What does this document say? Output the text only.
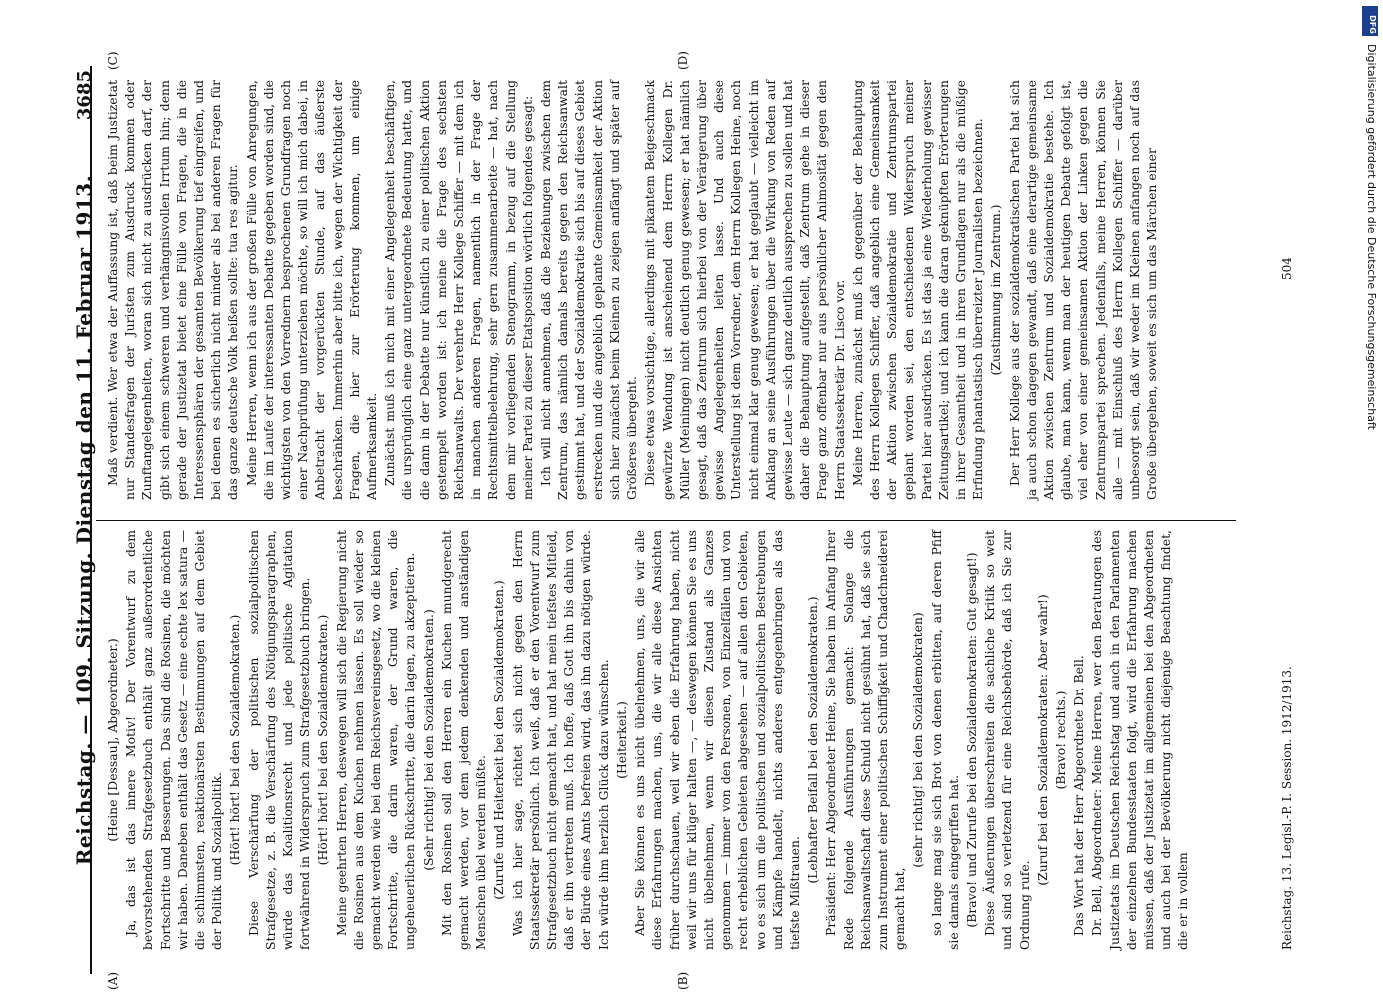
Reichstag. — 109. Sitzung. Dienstag den 11. Februar 1913.
3685
(A)	(B)
(C)	(D)

(Heine [Dessau], Abgeordneter.) Ja, das ist das innere Motiv! Der Vorentwurf zu dem bevorstehenden Strafgesetzbuch enthält ganz außerordentliche Fortschritte und Besserungen. Das sind die Rosinen, die möchten wir haben. Daneben enthält das Gesetz — eine echte lex satura — die schlimmsten, reaktionärsten Bestimmungen auf dem Gebiet der Politik und Sozialpolitik. (Hört! hört! bei den Sozialdemokraten.) Diese Verschärfung der politischen sozialpolitischen Strafgesetze, z. B. die Verschärfung des Nötigungsparagraphen, würde das Koalitionsrecht und jede politische Agitation fortwährend in Widerspruch zum Strafgesetzbuch bringen. (Hört! hört! bei den Sozialdemokraten.) Meine geehrten Herren, deswegen will sich die Regierung nicht die Rosinen aus dem Kuchen nehmen lassen. Es soll wieder so gemacht werden wie bei dem Reichsvereinsgesetz, wo die kleinen Fortschritte, die darin waren, der Grund waren, die ungeheuerlichen Rückschritte, die darin lagen, zu akzeptieren. (Sehr richtig! bei den Sozialdemokraten.) Mit den Rosinen soll den Herren ein Kuchen mundgerecht gemacht werden, vor dem jedem denkenden und anständigen Menschen übel werden müßte. (Zurufe und Heiterkeit bei den Sozialdemokraten.) Was ich hier sage, richtet sich nicht gegen den Herrn Staatssekretär persönlich. Ich weiß, daß er den Vorentwurf zum Strafgesetzbuch nicht gemacht hat, und hat mein tiefstes Mitleid, daß er ihn vertreten muß. Ich hoffe, daß Gott ihn bis dahin von der Bürde eines Amts befreien wird, das ihn dazu nötigen würde. Ich würde ihm herzlich Glück dazu wünschen. (Heiterkeit.) Aber Sie können es uns nicht übelnehmen, uns, die wir alle diese Erfahrungen machen, uns, die wir alle diese Ansichten früher durchschauen, weil wir eben die Erfahrung haben, nicht weil wir uns für klüger halten —, — deswegen können Sie es uns nicht übelnehmen, wenn wir diesen Zustand als Ganzes genommen — immer von den Personen, von Einzelfällen und von recht erheblichen Gebieten abgesehen — auf allen den Gebieten, wo es sich um die politischen und sozialpolitischen Bestrebungen und Kämpfe handelt, nichts anderes entgegenbringen als das tiefste Mißtrauen.

(Lebhafter Beifall bei den Sozialdemokraten.) Präsident: Herr Abgeordneter Heine, Sie haben im Anfang Ihrer Rede folgende Ausführungen gemacht: Solange die Reichsanwaltschaft diese Schuld nicht gesühnt hat, daß sie sich zum Instrument einer politischen Schiffigkeit und Chadchneiderei gemacht hat,

(sehr richtig! bei den Sozialdemokraten) so lange mag sie sich Brot von denen erbitten, auf deren Pfiff sie damals eingegriffen hat. (Bravo! und Zurufe bei den Sozialdemokraten: Gut gesagt!) Diese Äußerungen überschreiten die sachliche Kritik so weit und sind so verletzend für eine Reichsbehörde, daß ich Sie zur Ordnung rufe.

(Zuruf bei den Sozialdemokraten: Aber wahr!) (Bravo! rechts.) Das Wort hat der Herr Abgeordnete Dr. Bell. Dr. Bell, Abgeordneter: Meine Herren, wer den Beratungen des Justizetats im Deutschen Reichstag und auch in den Parlamenten der einzelnen Bundesstaaten folgt, wird die Erfahrung machen müssen, daß der Justizetat im allgemeinen bei den Abgeordneten und auch bei der Bevölkerung nicht diejenige Beachtung findet, die er in vollem

Maß verdient. Wer etwa der Auffassung ist, daß beim Justizetat nur Standesfragen der Juristen zum Ausdruck kommen oder Zunftangelegenheiten, woran sich nicht zu ausdrücken darf, der gibt sich einem schweren und verhängnisvollen Irrtum hin; denn gerade der Justizetat bietet eine Fülle von Fragen, die in die Interessensphären der gesamten Bevölkerung tief eingreifen, und bei denen es sicherlich nicht minder als bei anderen Fragen für das ganze deutsche Volk heißen sollte: tua res agitur. Meine Herren, wenn ich aus der großen Fülle von Anregungen, die im Laufe der interessanten Debatte gegeben worden sind, die wichtigsten von den Vorrednern besprochenen Grundfragen noch einer Nachprüfung unterziehen möchte, so will ich mich dabei, in Anbetracht der vorgerückten Stunde, auf das äußerste beschränken. Immerhin aber bitte ich, wegen der Wichtigkeit der Fragen, die hier zur Erörterung kommen, um einige Aufmerksamkeit. Zunächst muß ich mich mit einer Angelegenheit beschäftigen, die ursprünglich eine ganz untergeordnete Bedeutung hatte, und die dann in der Debatte nur künstlich zu einer politischen Aktion gestempelt worden ist: ich meine die Frage des sechsten Reichsanwalts. Der verehrte Herr Kollege Schiffer — mit dem ich in manchen anderen Fragen, namentlich in der Frage der Rechtsmittelbelehrung, sehr gern zusammenarbeite — hat, nach dem mir vorliegenden Stenogramm, in bezug auf die Stellung meiner Partei zu dieser Etatsposition wörtlich folgendes gesagt: Ich will nicht annehmen, daß die Beziehungen zwischen dem Zentrum, das nämlich damals bereits gegen den Reichsanwalt gestimmt hat, und der Sozialdemokratie sich bis auf dieses Gebiet erstrecken und die angeblich geplante Gemeinsamkeit der Aktion sich hier zunächst beim Kleinen zu zeigen anfängt und später auf Größeres übergeht. Diese etwas vorsichtige, allerdings mit pikantem Beigeschmack gewürzte Wendung ist anscheinend dem Herrn Kollegen Dr. Müller (Meiningen) nicht deutlich genug gewesen; er hat nämlich gesagt, daß das Zentrum sich hierbei von der Verärgerung über gewisse Angelegenheiten leiten lasse. Und auch diese Unterstellung ist dem Vorredner, dem Herrn Kollegen Heine, noch nicht einmal klar genug gewesen; er hat geglaubt — vielleicht im Anklang an seine Ausführungen über die Wirkung von Reden auf gewisse Leute — sich ganz deutlich aussprechen zu sollen und hat daher die Behauptung aufgestellt, daß Zentrum gehe in dieser Frage ganz offenbar nur aus persönlicher Animosität gegen den Herrn Staatssekretär Dr. Lisco vor. Meine Herren, zunächst muß ich gegenüber der Behauptung des Herrn Kollegen Schiffer, daß angeblich eine Gemeinsamkeit der Aktion zwischen Sozialdemokratie und Zentrumspartei geplant worden sei, den entschiedenen Widerspruch meiner Partei hier ausdrücken. Es ist das ja eine Wiederholung gewisser Zeitungsartikel; und ich kann die daran geknüpften Erörterungen in ihrer Gesamtheit und in ihren Grundlagen nur als die müßige Erfindung phantastisch überreizter Journalisten bezeichnen. (Zustimmung im Zentrum.) Der Herr Kollege aus der sozialdemokratischen Partei hat sich ja auch schon dagegen gewandt, daß eine derartige gemeinsame Aktion zwischen Zentrum und Sozialdemokratie bestehe. Ich glaube, man kann, wenn man der heutigen Debatte gefolgt ist, viel eher von einer gemeinsamen Aktion der Linken gegen die Zentrumspartei sprechen. Jedenfalls, meine Herren, können Sie alle — mit Einschluß des Herrn Kollegen Schiffer — darüber unbesorgt sein, daß wir weder im Kleinen anfangen noch auf das Große übergehen, soweit es sich um das Märchen einer

Reichstag. 13. Legisl.-P. I. Session. 1912/1913.
504
DFG
Digitalisierung gefördert durch die Deutsche Forschungsgemeinschaft
